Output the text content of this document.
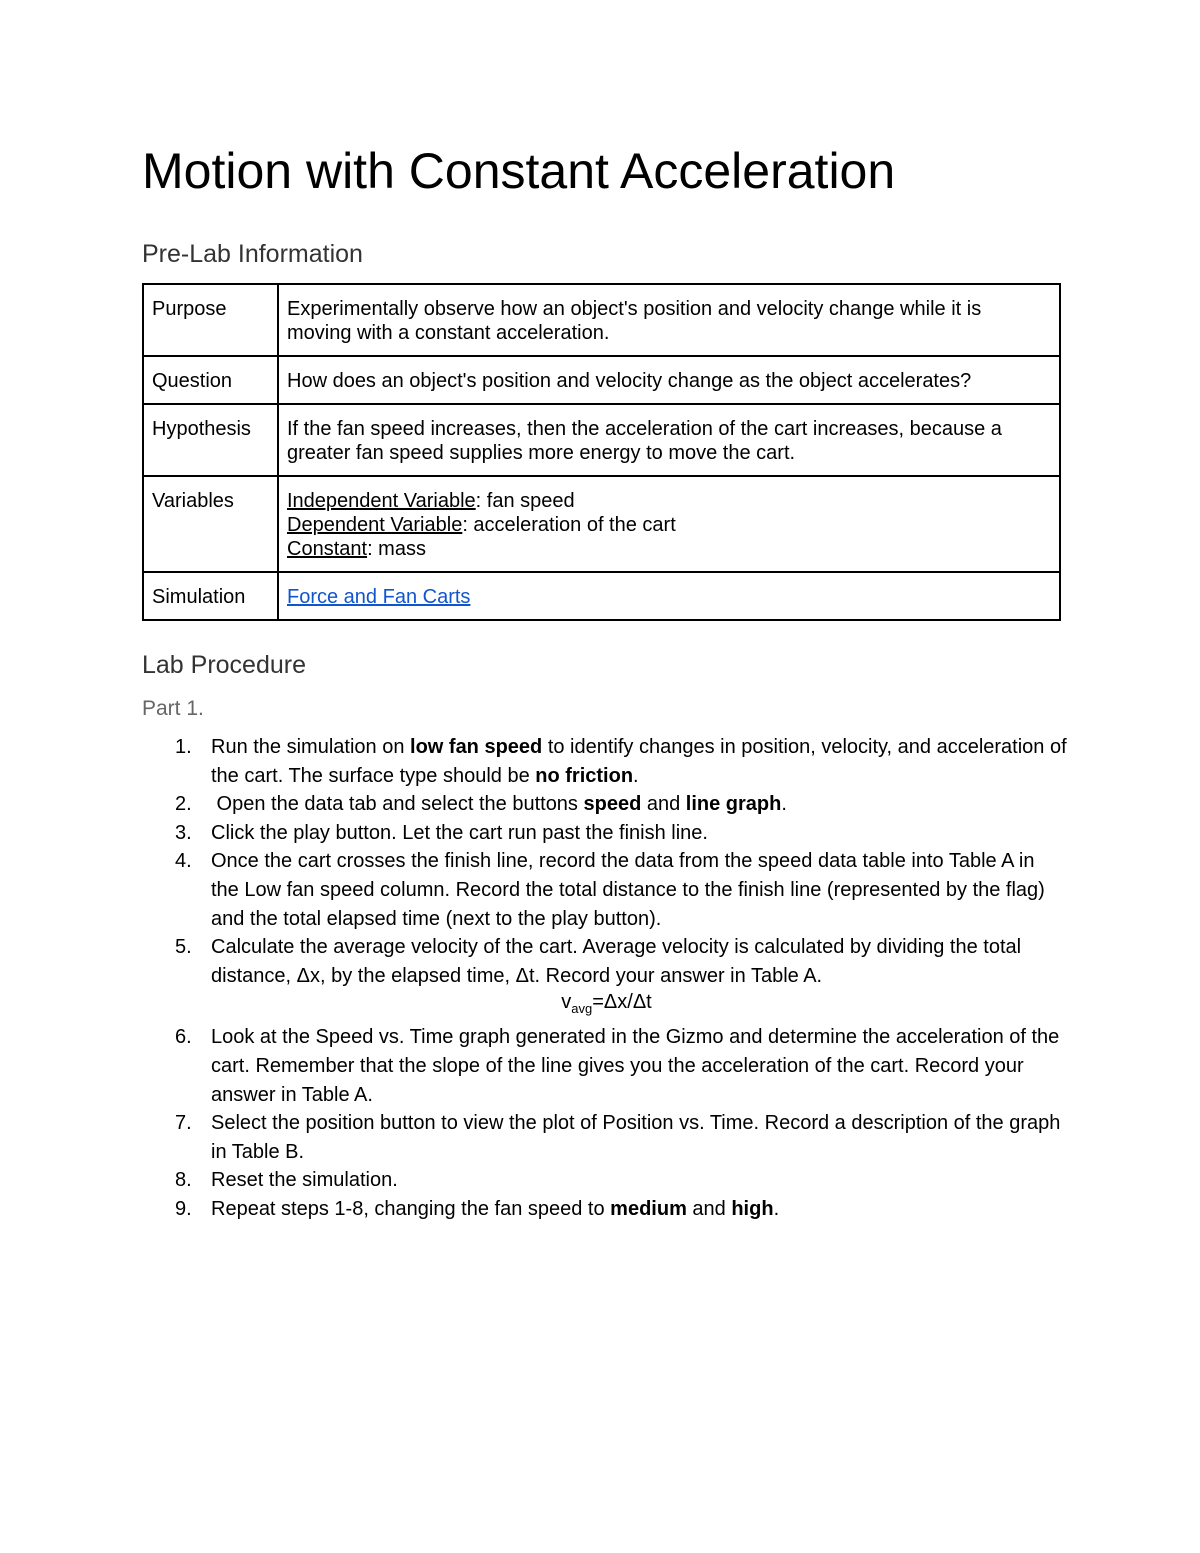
Motion with Constant Acceleration
Pre-Lab Information
Purpose	Experimentally observe how an object's position and velocity change while it is moving with a constant acceleration.
Question	How does an object's position and velocity change as the object accelerates?
Hypothesis	If the fan speed increases, then the acceleration of the cart increases, because a greater fan speed supplies more energy to move the cart.
Variables	Independent Variable: fan speed
Dependent Variable: acceleration of the cart
Constant: mass

Simulation	Force and Fan Carts
Lab Procedure
Part 1.
1. Run the simulation on low fan speed to identify changes in position, velocity, and acceleration of the cart. The surface type should be no friction.
2. Open the data tab and select the buttons speed and line graph.
3. Click the play button. Let the cart run past the finish line.
4. Once the cart crosses the finish line, record the data from the speed data table into Table A in the Low fan speed column. Record the total distance to the finish line (represented by the flag) and the total elapsed time (next to the play button).
5. Calculate the average velocity of the cart. Average velocity is calculated by dividing the total distance, Δx, by the elapsed time, Δt. Record your answer in Table A.
$v_{avg}=\Delta x/\Delta t$
6. Look at the Speed vs. Time graph generated in the Gizmo and determine the acceleration of the cart. Remember that the slope of the line gives you the acceleration of the cart. Record your answer in Table A.
7. Select the position button to view the plot of Position vs. Time. Record a description of the graph in Table B.
8. Reset the simulation.
9. Repeat steps 1-8, changing the fan speed to medium and high.
